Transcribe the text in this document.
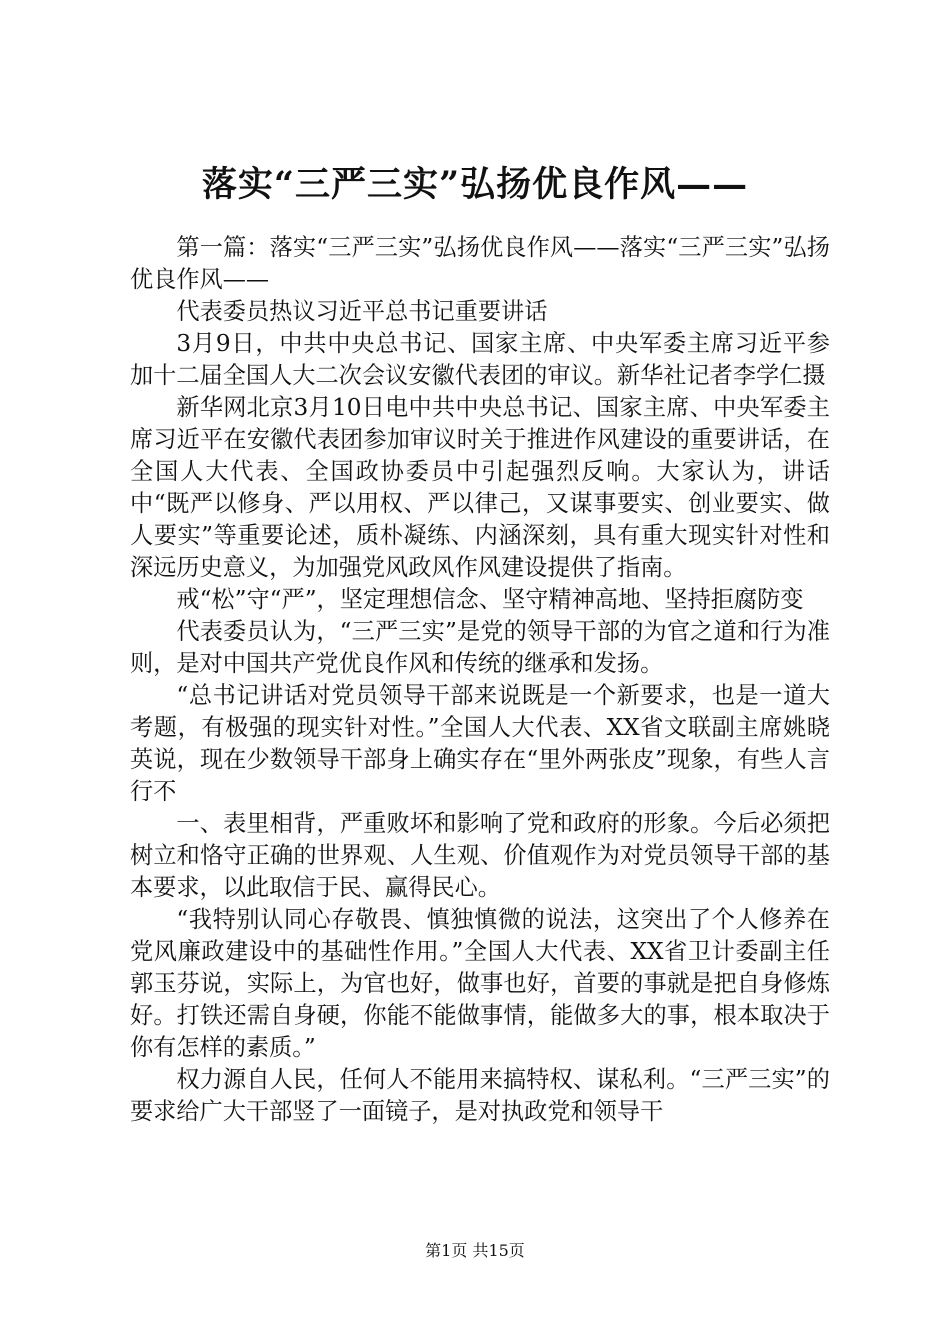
落实“三严三实”弘扬优良作风——

第一篇：落实“三严三实”弘扬优良作风——落实“三严三实”弘扬优良作风——

代表委员热议习近平总书记重要讲话

3月9日，中共中央总书记、国家主席、中央军委主席习近平参加十二届全国人大二次会议安徽代表团的审议。新华社记者李学仁摄

新华网北京3月10日电中共中央总书记、国家主席、中央军委主席习近平在安徽代表团参加审议时关于推进作风建设的重要讲话，在全国人大代表、全国政协委员中引起强烈反响。大家认为，讲话中“既严以修身、严以用权、严以律己，又谋事要实、创业要实、做人要实”等重要论述，质朴凝练、内涵深刻，具有重大现实针对性和深远历史意义，为加强党风政风作风建设提供了指南。

戒“松”守“严”，坚定理想信念、坚守精神高地、坚持拒腐防变

代表委员认为，“三严三实”是党的领导干部的为官之道和行为准则，是对中国共产党优良作风和传统的继承和发扬。

“总书记讲话对党员领导干部来说既是一个新要求，也是一道大考题，有极强的现实针对性。”全国人大代表、XX省文联副主席姚晓英说，现在少数领导干部身上确实存在“里外两张皮”现象，有些人言行不

一、表里相背，严重败坏和影响了党和政府的形象。今后必须把树立和恪守正确的世界观、人生观、价值观作为对党员领导干部的基本要求，以此取信于民、赢得民心。

“我特别认同心存敬畏、慎独慎微的说法，这突出了个人修养在党风廉政建设中的基础性作用。”全国人大代表、XX省卫计委副主任郭玉芬说，实际上，为官也好，做事也好，首要的事就是把自身修炼好。打铁还需自身硬，你能不能做事情，能做多大的事，根本取决于你有怎样的素质。”

权力源自人民，任何人不能用来搞特权、谋私利。“三严三实”的要求给广大干部竖了一面镜子，是对执政党和领导干

第1页 共15页
